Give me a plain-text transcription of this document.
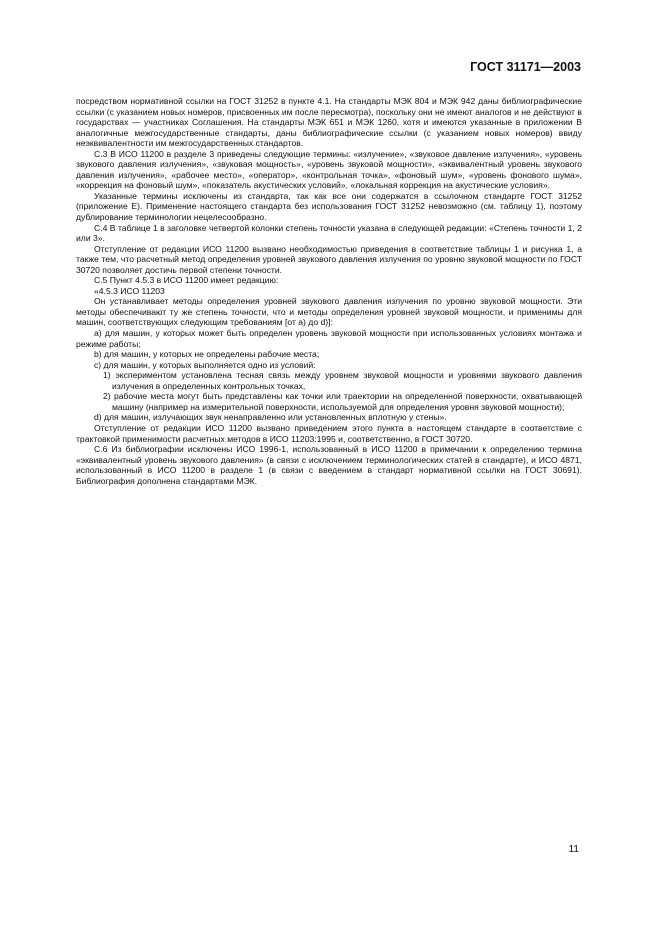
ГОСТ 31171—2003

посредством нормативной ссылки на ГОСТ 31252 в пункте 4.1. На стандарты МЭК 804 и МЭК 942 даны библиографические ссылки (с указанием новых номеров, присвоенных им после пересмотра), поскольку они не имеют аналогов и не действуют в государствах — участниках Соглашения. На стандарты МЭК 651 и МЭК 1260, хотя и имеются указанные в приложении В аналогичные межгосударственные стандарты, даны библиографические ссылки (с указанием новых номеров) ввиду неэквивалентности им межгосударственных стандартов.

С.3 В ИСО 11200 в разделе 3 приведены следующие термины: «излучение», «звуковое давление излучения», «уровень звукового давления излучения», «звуковая мощность», «уровень звуковой мощности», «эквивалентный уровень звукового давления излучения», «рабочее место», «оператор», «контрольная точка», «фоновый шум», «уровень фонового шума», «коррекция на фоновый шум», «показатель акустических условий», «локальная коррекция на акустические условия».

Указанные термины исключены из стандарта, так как все они содержатся в ссылочном стандарте ГОСТ 31252 (приложение Е). Применение настоящего стандарта без использования ГОСТ 31252 невозможно (см. таблицу 1), поэтому дублирование терминологии нецелесообразно.

С.4 В таблице 1 в заголовке четвертой колонки степень точности указана в следующей редакции: «Степень точности 1, 2 или 3».

Отступление от редакции ИСО 11200 вызвано необходимостью приведения в соответствие таблицы 1 и рисунка 1, а также тем, что расчетный метод определения уровней звукового давления излучения по уровню звуковой мощности по ГОСТ 30720 позволяет достичь первой степени точности.

С.5 Пункт 4.5.3 в ИСО 11200 имеет редакцию:

«4.5.3 ИСО 11203

Он устанавливает методы определения уровней звукового давления излучения по уровню звуковой мощности. Эти методы обеспечивают ту же степень точности, что и методы определения уровней звуковой мощности, и применимы для машин, соответствующих следующим требованиям [от а) до d)]:

a) для машин, у которых может быть определен уровень звуковой мощности при использованных условиях монтажа и режиме работы;

b) для машин, у которых не определены рабочие места;

c) для машин, у которых выполняется одно из условий:

1) экспериментом установлена тесная связь между уровнем звуковой мощности и уровнями звукового давления излучения в определенных контрольных точках,

2) рабочие места могут быть представлены как точки или траектории на определенной поверхности, охватывающей машину (например на измерительной поверхности, используемой для определения уровня звуковой мощности);

d) для машин, излучающих звук ненаправленно или установленных вплотную у стены».

Отступление от редакции ИСО 11200 вызвано приведением этого пункта в настоящем стандарте в соответствие с трактовкой применимости расчетных методов в ИСО 11203:1995 и, соответственно, в ГОСТ 30720.

С.6 Из библиографии исключены ИСО 1996-1, использованный в ИСО 11200 в примечании к определению термина «эквивалентный уровень звукового давления» (в связи с исключением терминологических статей в стандарте), и ИСО 4871, использованный в ИСО 11200 в разделе 1 (в связи с введением в стандарт нормативной ссылки на ГОСТ 30691). Библиография дополнена стандартами МЭК.

11
